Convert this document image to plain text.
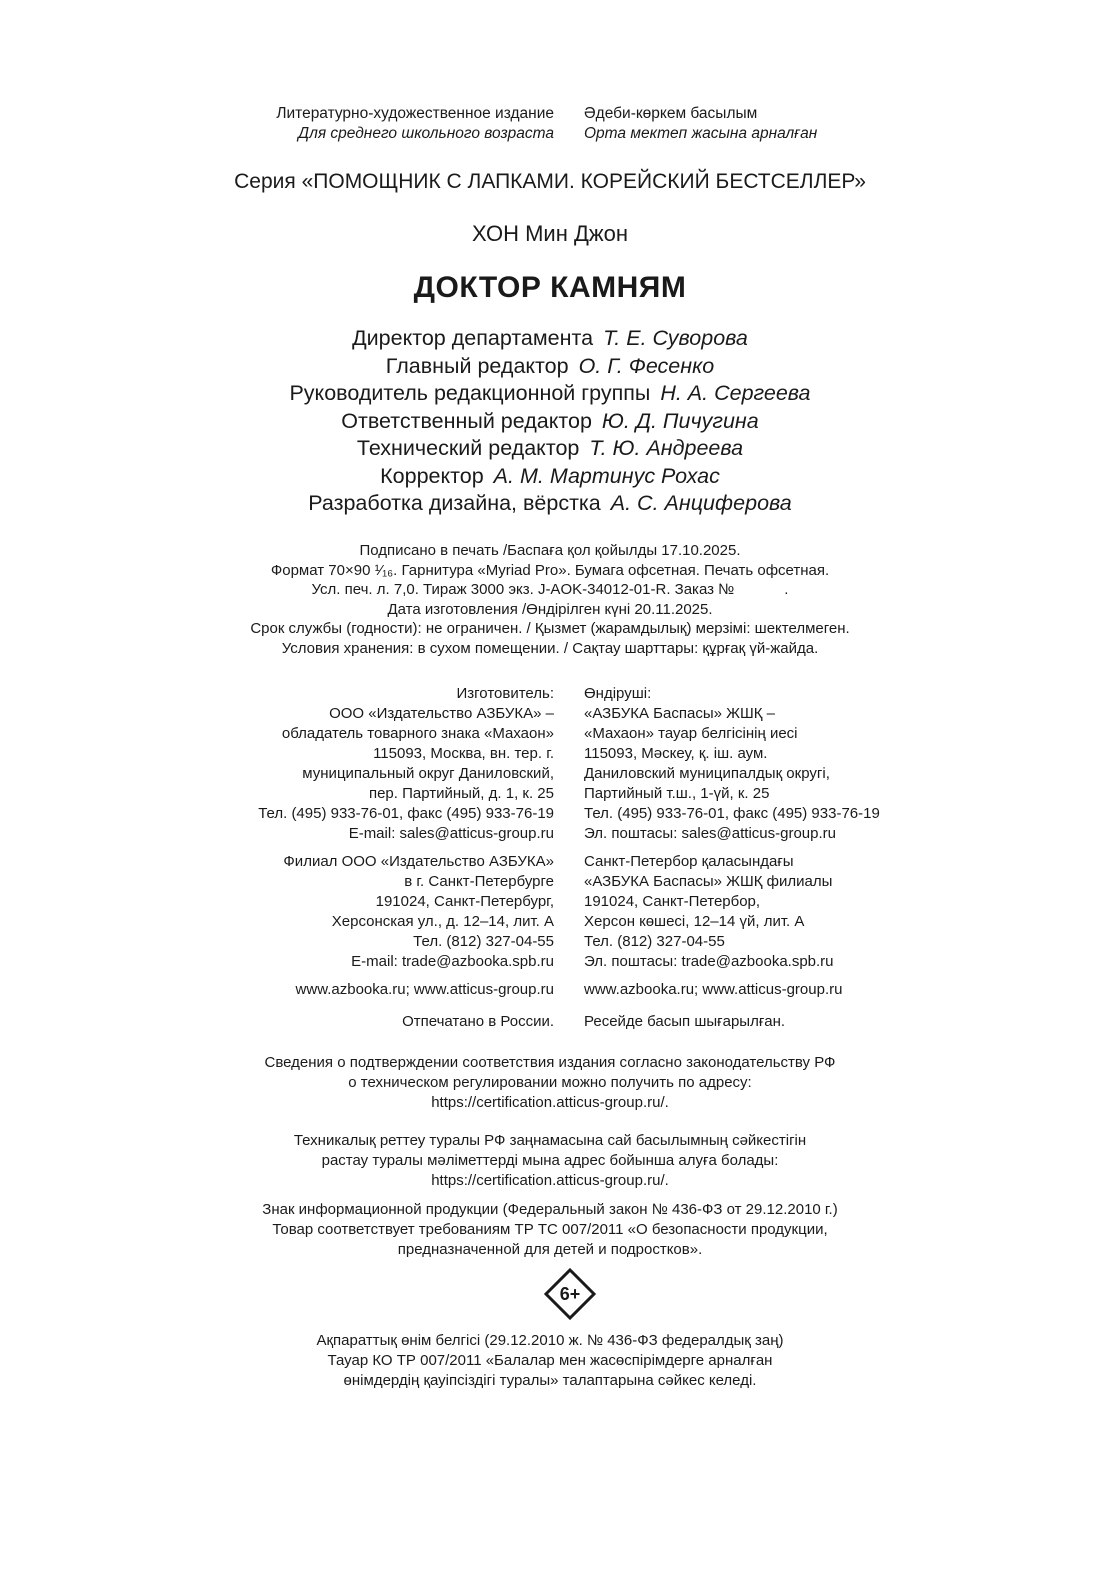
Литературно-художественное издание
Для среднего школьного возраста
Әдеби-көркем басылым
Орта мектеп жасына арналған
Серия «ПОМОЩНИК С ЛАПКАМИ. КОРЕЙСКИЙ БЕСТСЕЛЛЕР»
ХОН Мин Джон
ДОКТОР КАМНЯМ
Директор департамента Т. Е. Суворова
Главный редактор О. Г. Фесенко
Руководитель редакционной группы Н. А. Сергеева
Ответственный редактор Ю. Д. Пичугина
Технический редактор Т. Ю. Андреева
Корректор А. М. Мартинус Рохас
Разработка дизайна, вёрстка А. С. Анциферова
Подписано в печать /Баспаға қол қойылды 17.10.2025.
Формат 70×90 ¹⁄₁₆. Гарнитура «Myriad Pro». Бумага офсетная. Печать офсетная.
Усл. печ. л. 7,0. Тираж 3000 экз. J-AOK-34012-01-R. Заказ №            .
Дата изготовления /Өндірілген күні 20.11.2025.
Срок службы (годности): не ограничен. / Қызмет (жарамдылық) мерзімі: шектелмеген.
Условия хранения: в сухом помещении. / Сақтау шарттары: құрғақ үй-жайда.
Изготовитель:
ООО «Издательство АЗБУКА» –
обладатель товарного знака «Махаон»
115093, Москва, вн. тер. г.
муниципальный округ Даниловский,
пер. Партийный, д. 1, к. 25
Тел. (495) 933-76-01, факс (495) 933-76-19
E-mail: sales@atticus-group.ru
Өндіруші:
«АЗБУКА Баспасы» ЖШҚ –
«Махаон» тауар белгісінің иесі
115093, Мәскеу, қ. іш. аум.
Даниловский муниципалдық округі,
Партийный т.ш., 1-үй, к. 25
Тел. (495) 933-76-01, факс (495) 933-76-19
Эл. поштасы: sales@atticus-group.ru
Филиал ООО «Издательство АЗБУКА»
в г. Санкт-Петербурге
191024, Санкт-Петербург,
Херсонская ул., д. 12–14, лит. А
Тел. (812) 327-04-55
E-mail: trade@azbooka.spb.ru
Санкт-Петербор қаласындағы
«АЗБУКА Баспасы» ЖШҚ филиалы
191024, Санкт-Петербор,
Херсон көшесі, 12–14 үй, лит. А
Тел. (812) 327-04-55
Эл. поштасы: trade@azbooka.spb.ru
www.azbooka.ru; www.atticus-group.ru www.azbooka.ru; www.atticus-group.ru
Отпечатано в России. Ресейде басып шығарылған.
Сведения о подтверждении соответствия издания согласно законодательству РФ
о техническом регулировании можно получить по адресу:
https://certification.atticus-group.ru/.
Техникалық реттеу туралы РФ заңнамасына сай басылымның сәйкестігін
растау туралы мәліметтерді мына адрес бойынша алуға болады:
https://certification.atticus-group.ru/.
Знак информационной продукции (Федеральный закон № 436-ФЗ от 29.12.2010 г.)
Товар соответствует требованиям ТР ТС 007/2011 «О безопасности продукции,
предназначенной для детей и подростков».
6+
Ақпараттық өнім белгісі (29.12.2010 ж. № 436-ФЗ федералдық заң)
Тауар КО ТР 007/2011 «Балалар мен жасөспірімдерге арналған
өнімдердің қауіпсіздігі туралы» талаптарына сәйкес келеді.
